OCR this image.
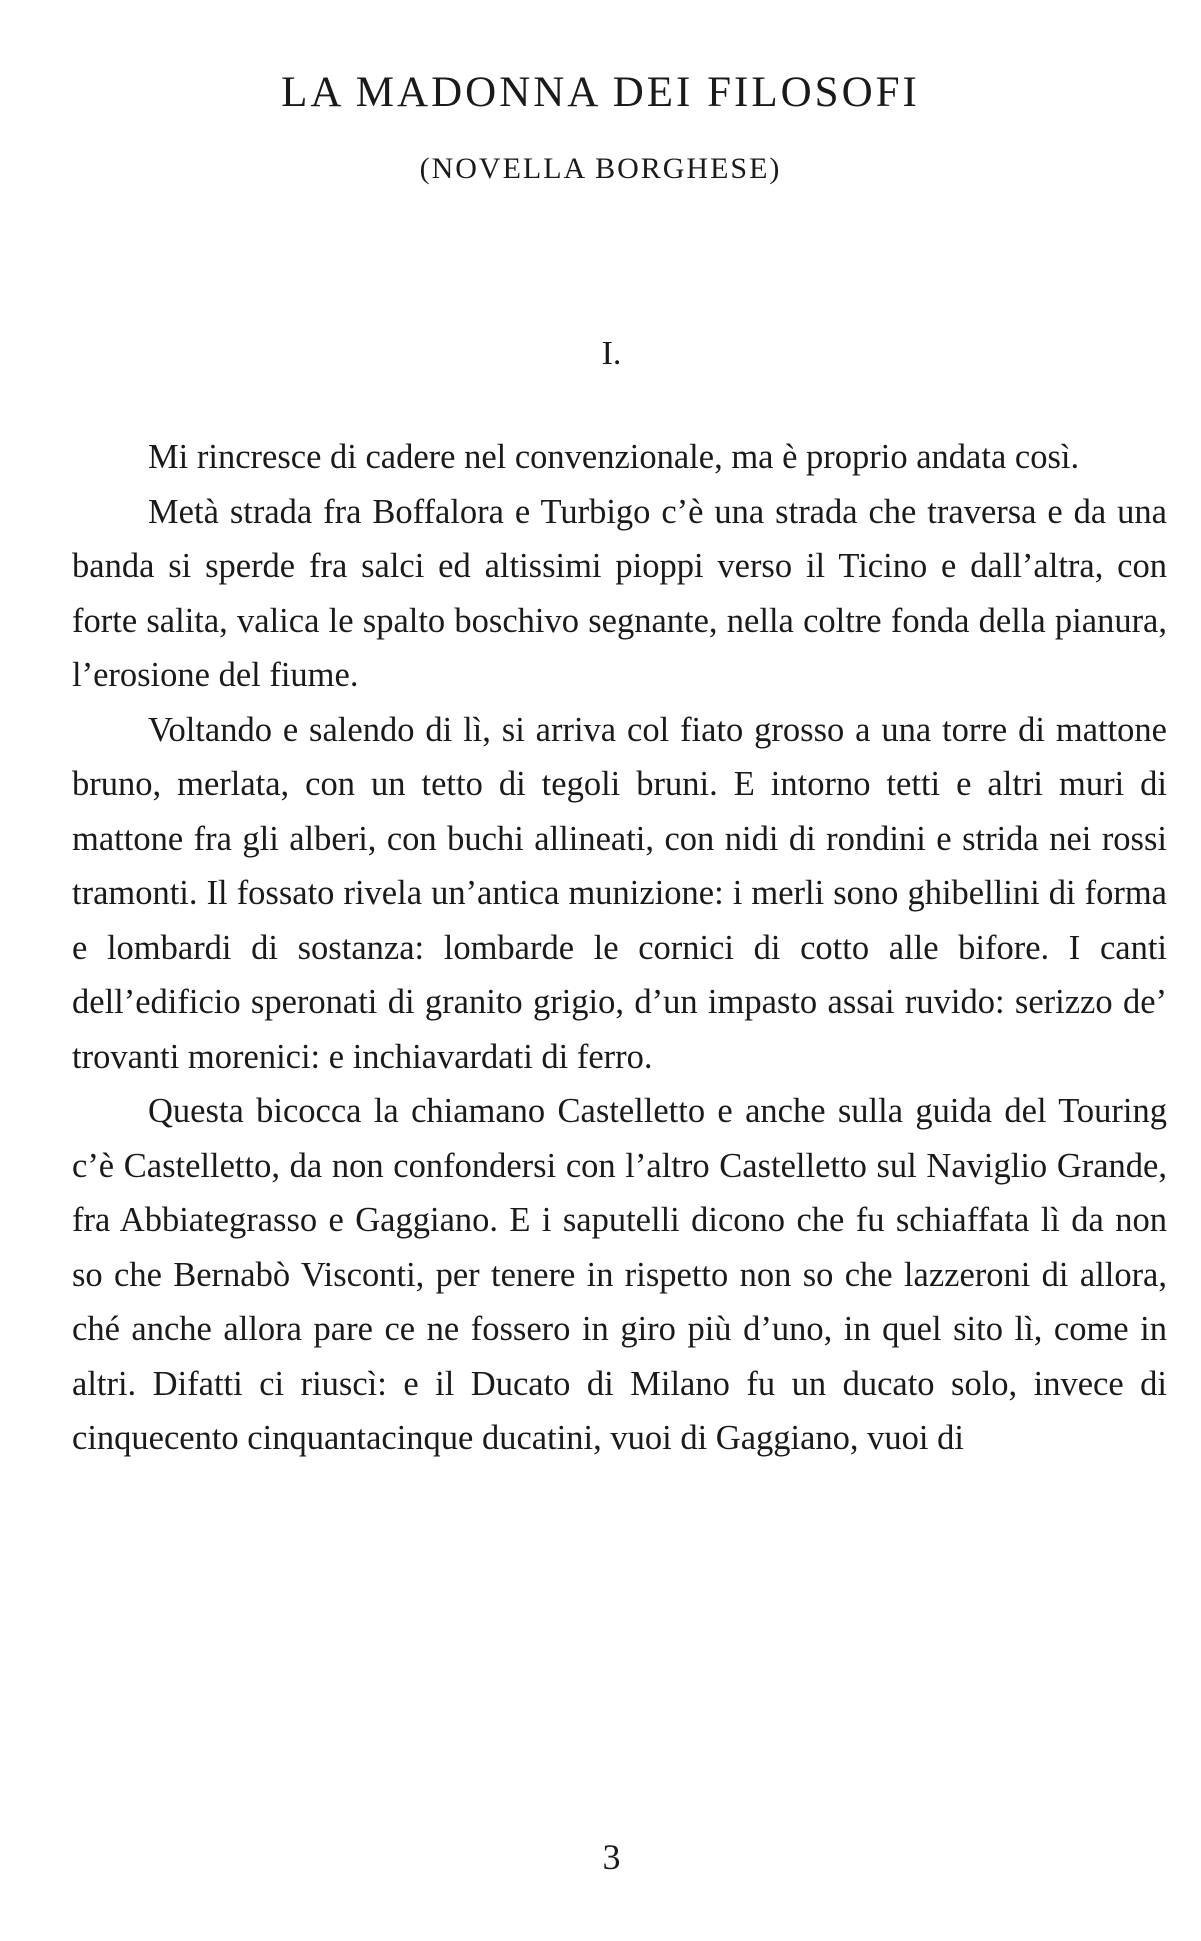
LA MADONNA DEI FILOSOFI
(NOVELLA BORGHESE)
I.

Mi rincresce di cadere nel convenzionale, ma è proprio andata così.

Metà strada fra Boffalora e Turbigo c’è una strada che traversa e da una banda si sperde fra salci ed altissimi pioppi verso il Ticino e dall’altra, con forte salita, valica le spalto boschivo segnante, nella coltre fonda della pianura, l’erosione del fiume.

Voltando e salendo di lì, si arriva col fiato grosso a una torre di mattone bruno, merlata, con un tetto di tegoli bruni. E intorno tetti e altri muri di mattone fra gli alberi, con buchi allineati, con nidi di rondini e strida nei rossi tramonti. Il fossato rivela un’antica munizione: i merli sono ghibellini di forma e lombardi di sostanza: lombarde le cornici di cotto alle bifore. I canti dell’edificio speronati di granito grigio, d’un impasto assai ruvido: serizzo de’ trovanti morenici: e inchiavardati di ferro.

Questa bicocca la chiamano Castelletto e anche sulla guida del Touring c’è Castelletto, da non confondersi con l’altro Castelletto sul Naviglio Grande, fra Abbiategrasso e Gaggiano. E i saputelli dicono che fu schiaffata lì da non so che Bernabò Visconti, per tenere in rispetto non so che lazzeroni di allora, ché anche allora pare ce ne fossero in giro più d’uno, in quel sito lì, come in altri. Difatti ci riuscì: e il Ducato di Milano fu un ducato solo, invece di cinquecento cinquantacinque ducatini, vuoi di Gaggiano, vuoi di

3
